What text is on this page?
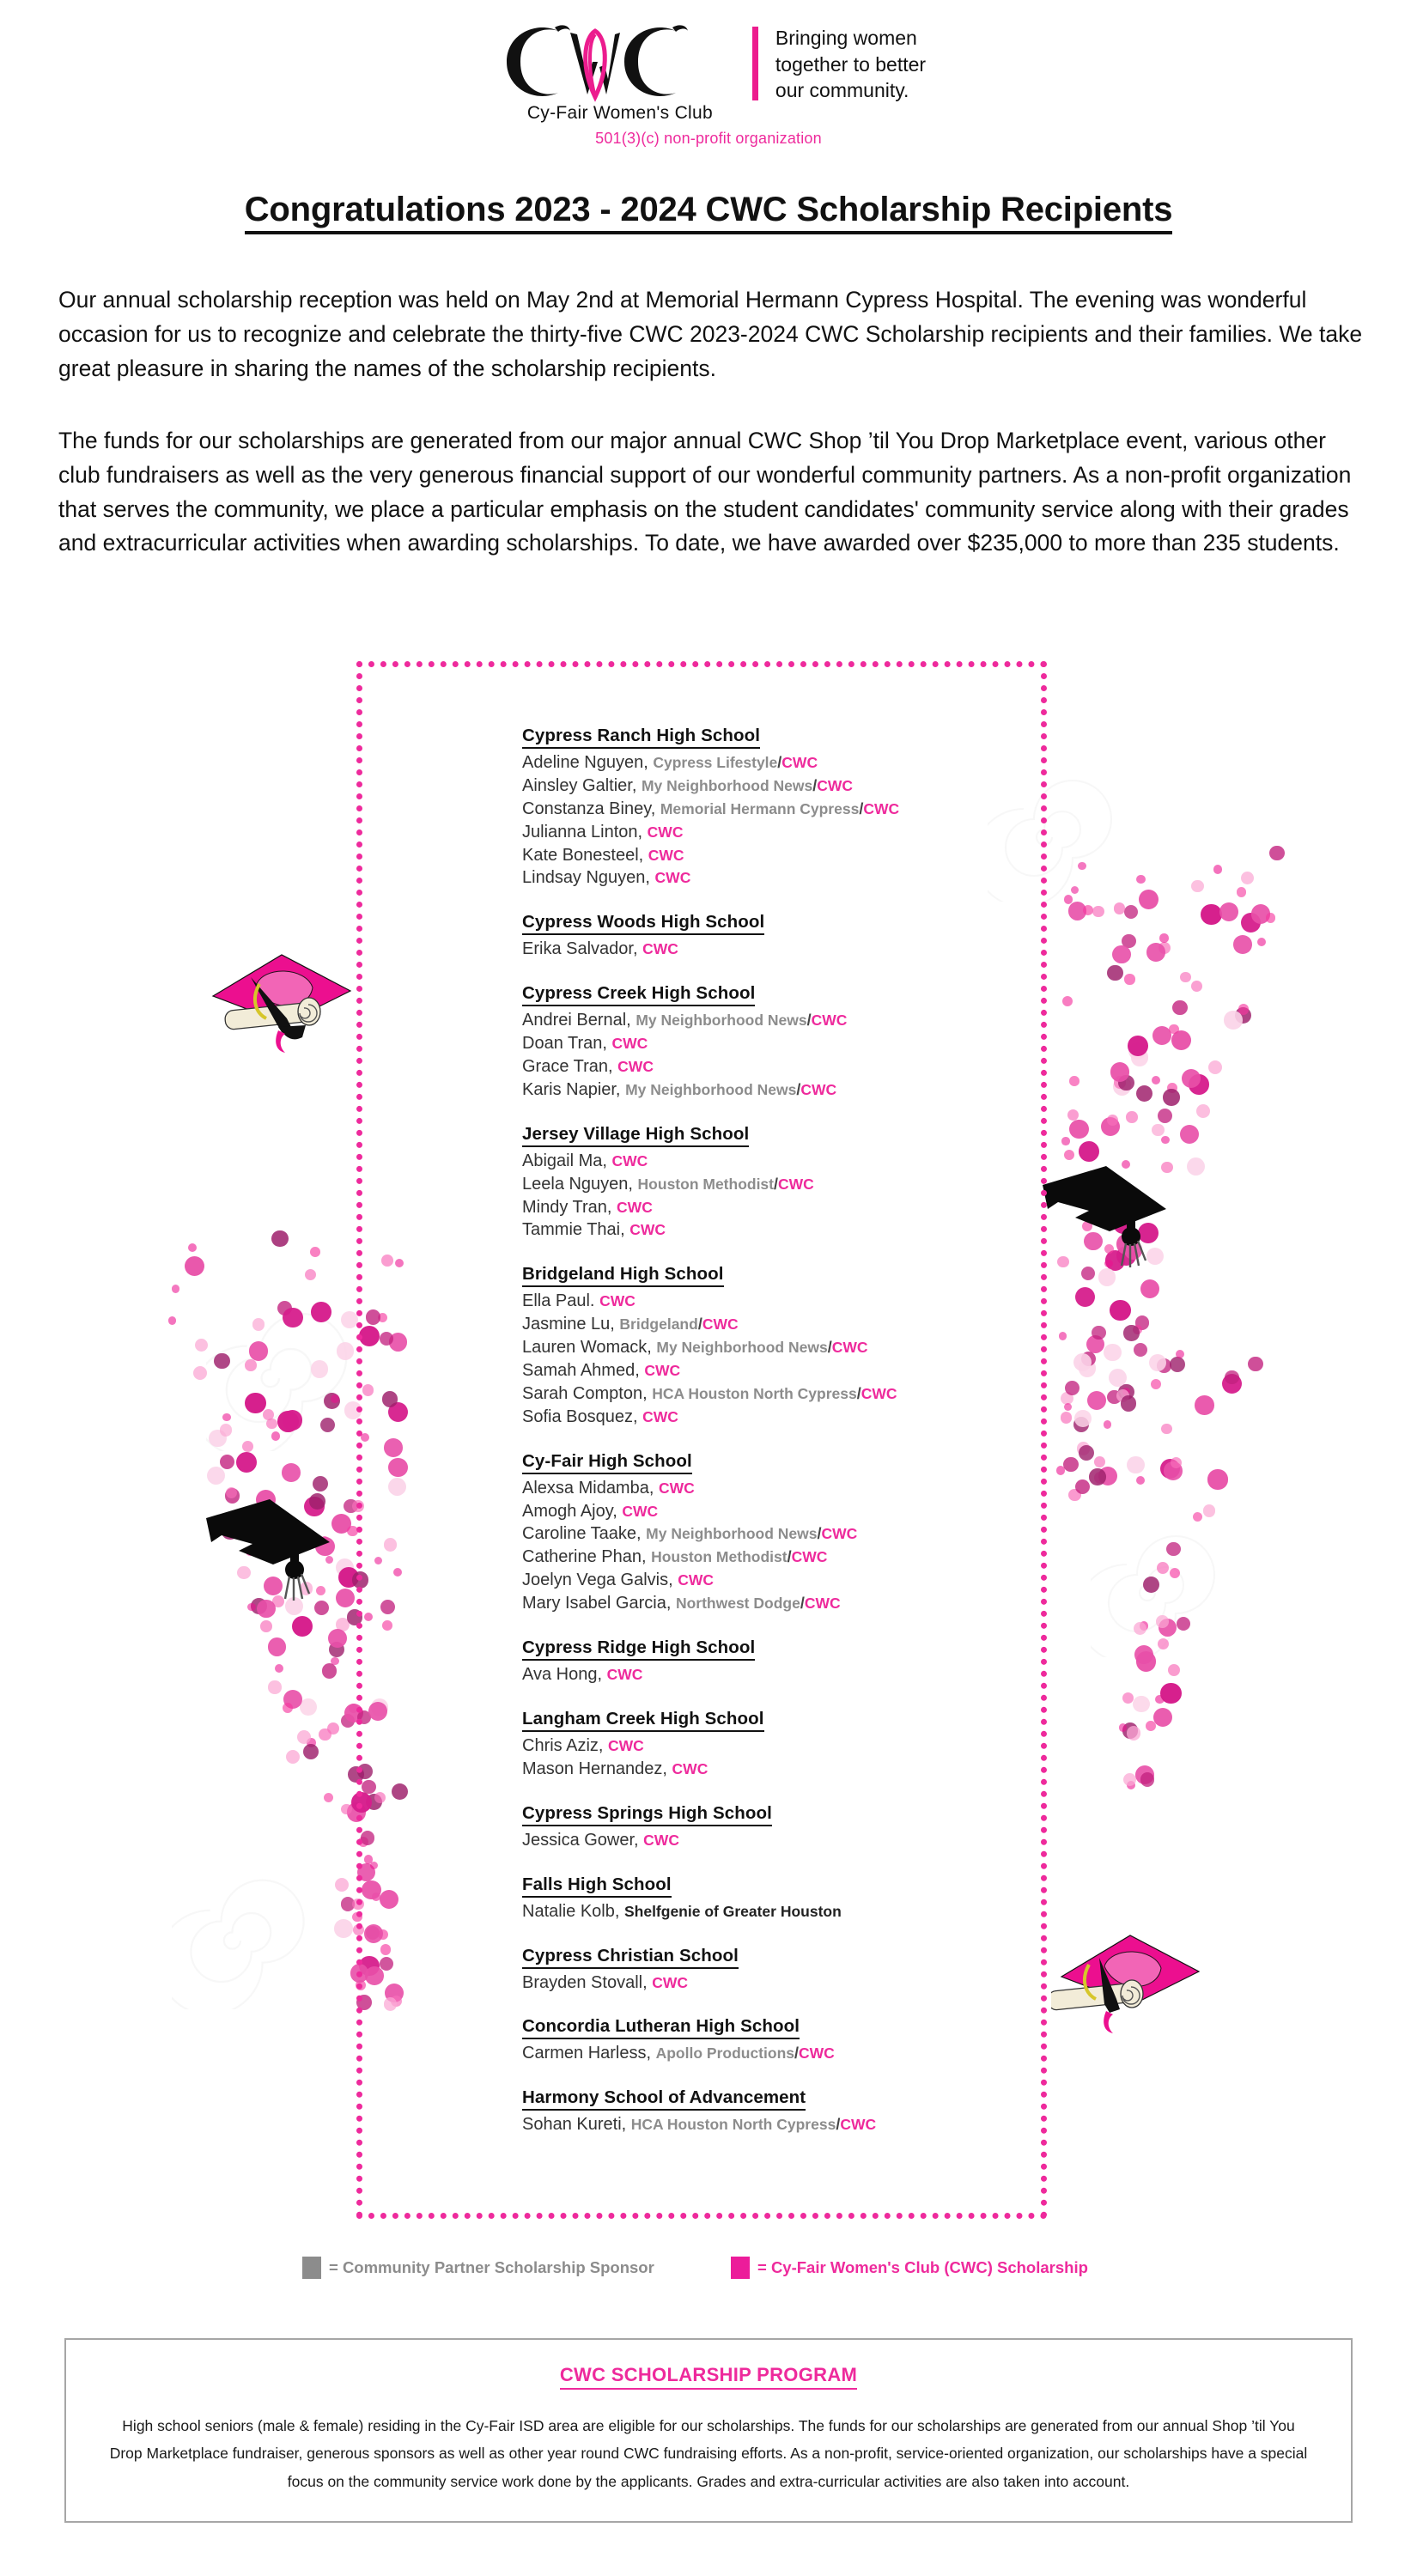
Cy-Fair Women's Club
Bringing women
together to better
our community.
501(3)(c) non-profit organization
Congratulations 2023 - 2024 CWC Scholarship Recipients
Our annual scholarship reception was held on May 2nd at Memorial Hermann Cypress Hospital. The evening was wonderful occasion for us to recognize and celebrate the thirty-five CWC 2023-2024 CWC Scholarship recipients and their families. We take great pleasure in sharing the names of the scholarship recipients.
The funds for our scholarships are generated from our major annual CWC Shop ’til You Drop Marketplace event, various other club fundraisers as well as the very generous financial support of our wonderful community partners. As a non-profit organization that serves the community, we place a particular emphasis on the student candidates' community service along with their grades and extracurricular activities when awarding scholarships. To date, we have awarded over $235,000 to more than 235 students.
Cypress Ranch High School
Adeline Nguyen, Cypress Lifestyle/CWC
Ainsley Galtier, My Neighborhood News/CWC
Constanza Biney, Memorial Hermann Cypress/CWC
Julianna Linton, CWC
Kate Bonesteel, CWC
Lindsay Nguyen, CWC
Cypress Woods High School
Erika Salvador, CWC
Cypress Creek High School
Andrei Bernal, My Neighborhood News/CWC
Doan Tran, CWC
Grace Tran, CWC
Karis Napier, My Neighborhood News/CWC
Jersey Village High School
Abigail Ma, CWC
Leela Nguyen, Houston Methodist/CWC
Mindy Tran, CWC
Tammie Thai, CWC
Bridgeland High School
Ella Paul. CWC
Jasmine Lu, Bridgeland/CWC
Lauren Womack, My Neighborhood News/CWC
Samah Ahmed, CWC
Sarah Compton, HCA Houston North Cypress/CWC
Sofia Bosquez, CWC
Cy-Fair High School
Alexsa Midamba, CWC
Amogh Ajoy, CWC
Caroline Taake, My Neighborhood News/CWC
Catherine Phan, Houston Methodist/CWC
Joelyn Vega Galvis, CWC
Mary Isabel Garcia, Northwest Dodge/CWC
Cypress Ridge High School
Ava Hong, CWC
Langham Creek High School
Chris Aziz, CWC
Mason Hernandez, CWC
Cypress Springs High School
Jessica Gower, CWC
Falls High School
Natalie Kolb, Shelfgenie of Greater Houston
Cypress Christian School
Brayden Stovall, CWC
Concordia Lutheran High School
Carmen Harless, Apollo Productions/CWC
Harmony School of Advancement
Sohan Kureti, HCA Houston North Cypress/CWC
= Community Partner Scholarship Sponsor	= Cy-Fair Women's Club (CWC) Scholarship
CWC SCHOLARSHIP PROGRAM
High school seniors (male & female) residing in the Cy-Fair ISD area are eligible for our scholarships. The funds for our scholarships are generated from our annual Shop ’til You Drop Marketplace fundraiser, generous sponsors as well as other year round CWC fundraising efforts. As a non-profit, service-oriented organization, our scholarships have a special focus on the community service work done by the applicants. Grades and extra-curricular activities are also taken into account.
